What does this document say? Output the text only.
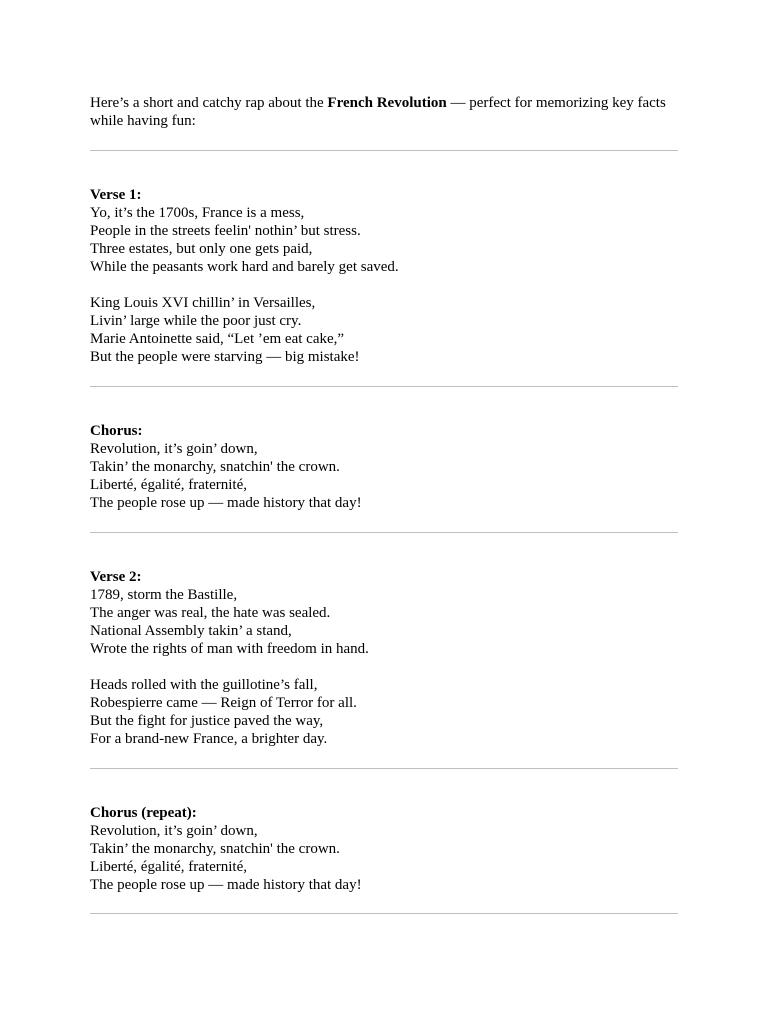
Here’s a short and catchy rap about the French Revolution — perfect for memorizing key facts while having fun:
Verse 1:
Yo, it’s the 1700s, France is a mess,
People in the streets feelin' nothin’ but stress.
Three estates, but only one gets paid,
While the peasants work hard and barely get saved.
King Louis XVI chillin’ in Versailles,
Livin’ large while the poor just cry.
Marie Antoinette said, “Let ’em eat cake,”
But the people were starving — big mistake!
Chorus:
Revolution, it’s goin’ down,
Takin’ the monarchy, snatchin' the crown.
Liberté, égalité, fraternité,
The people rose up — made history that day!
Verse 2:
1789, storm the Bastille,
The anger was real, the hate was sealed.
National Assembly takin’ a stand,
Wrote the rights of man with freedom in hand.
Heads rolled with the guillotine’s fall,
Robespierre came — Reign of Terror for all.
But the fight for justice paved the way,
For a brand-new France, a brighter day.
Chorus (repeat):
Revolution, it’s goin’ down,
Takin’ the monarchy, snatchin' the crown.
Liberté, égalité, fraternité,
The people rose up — made history that day!
